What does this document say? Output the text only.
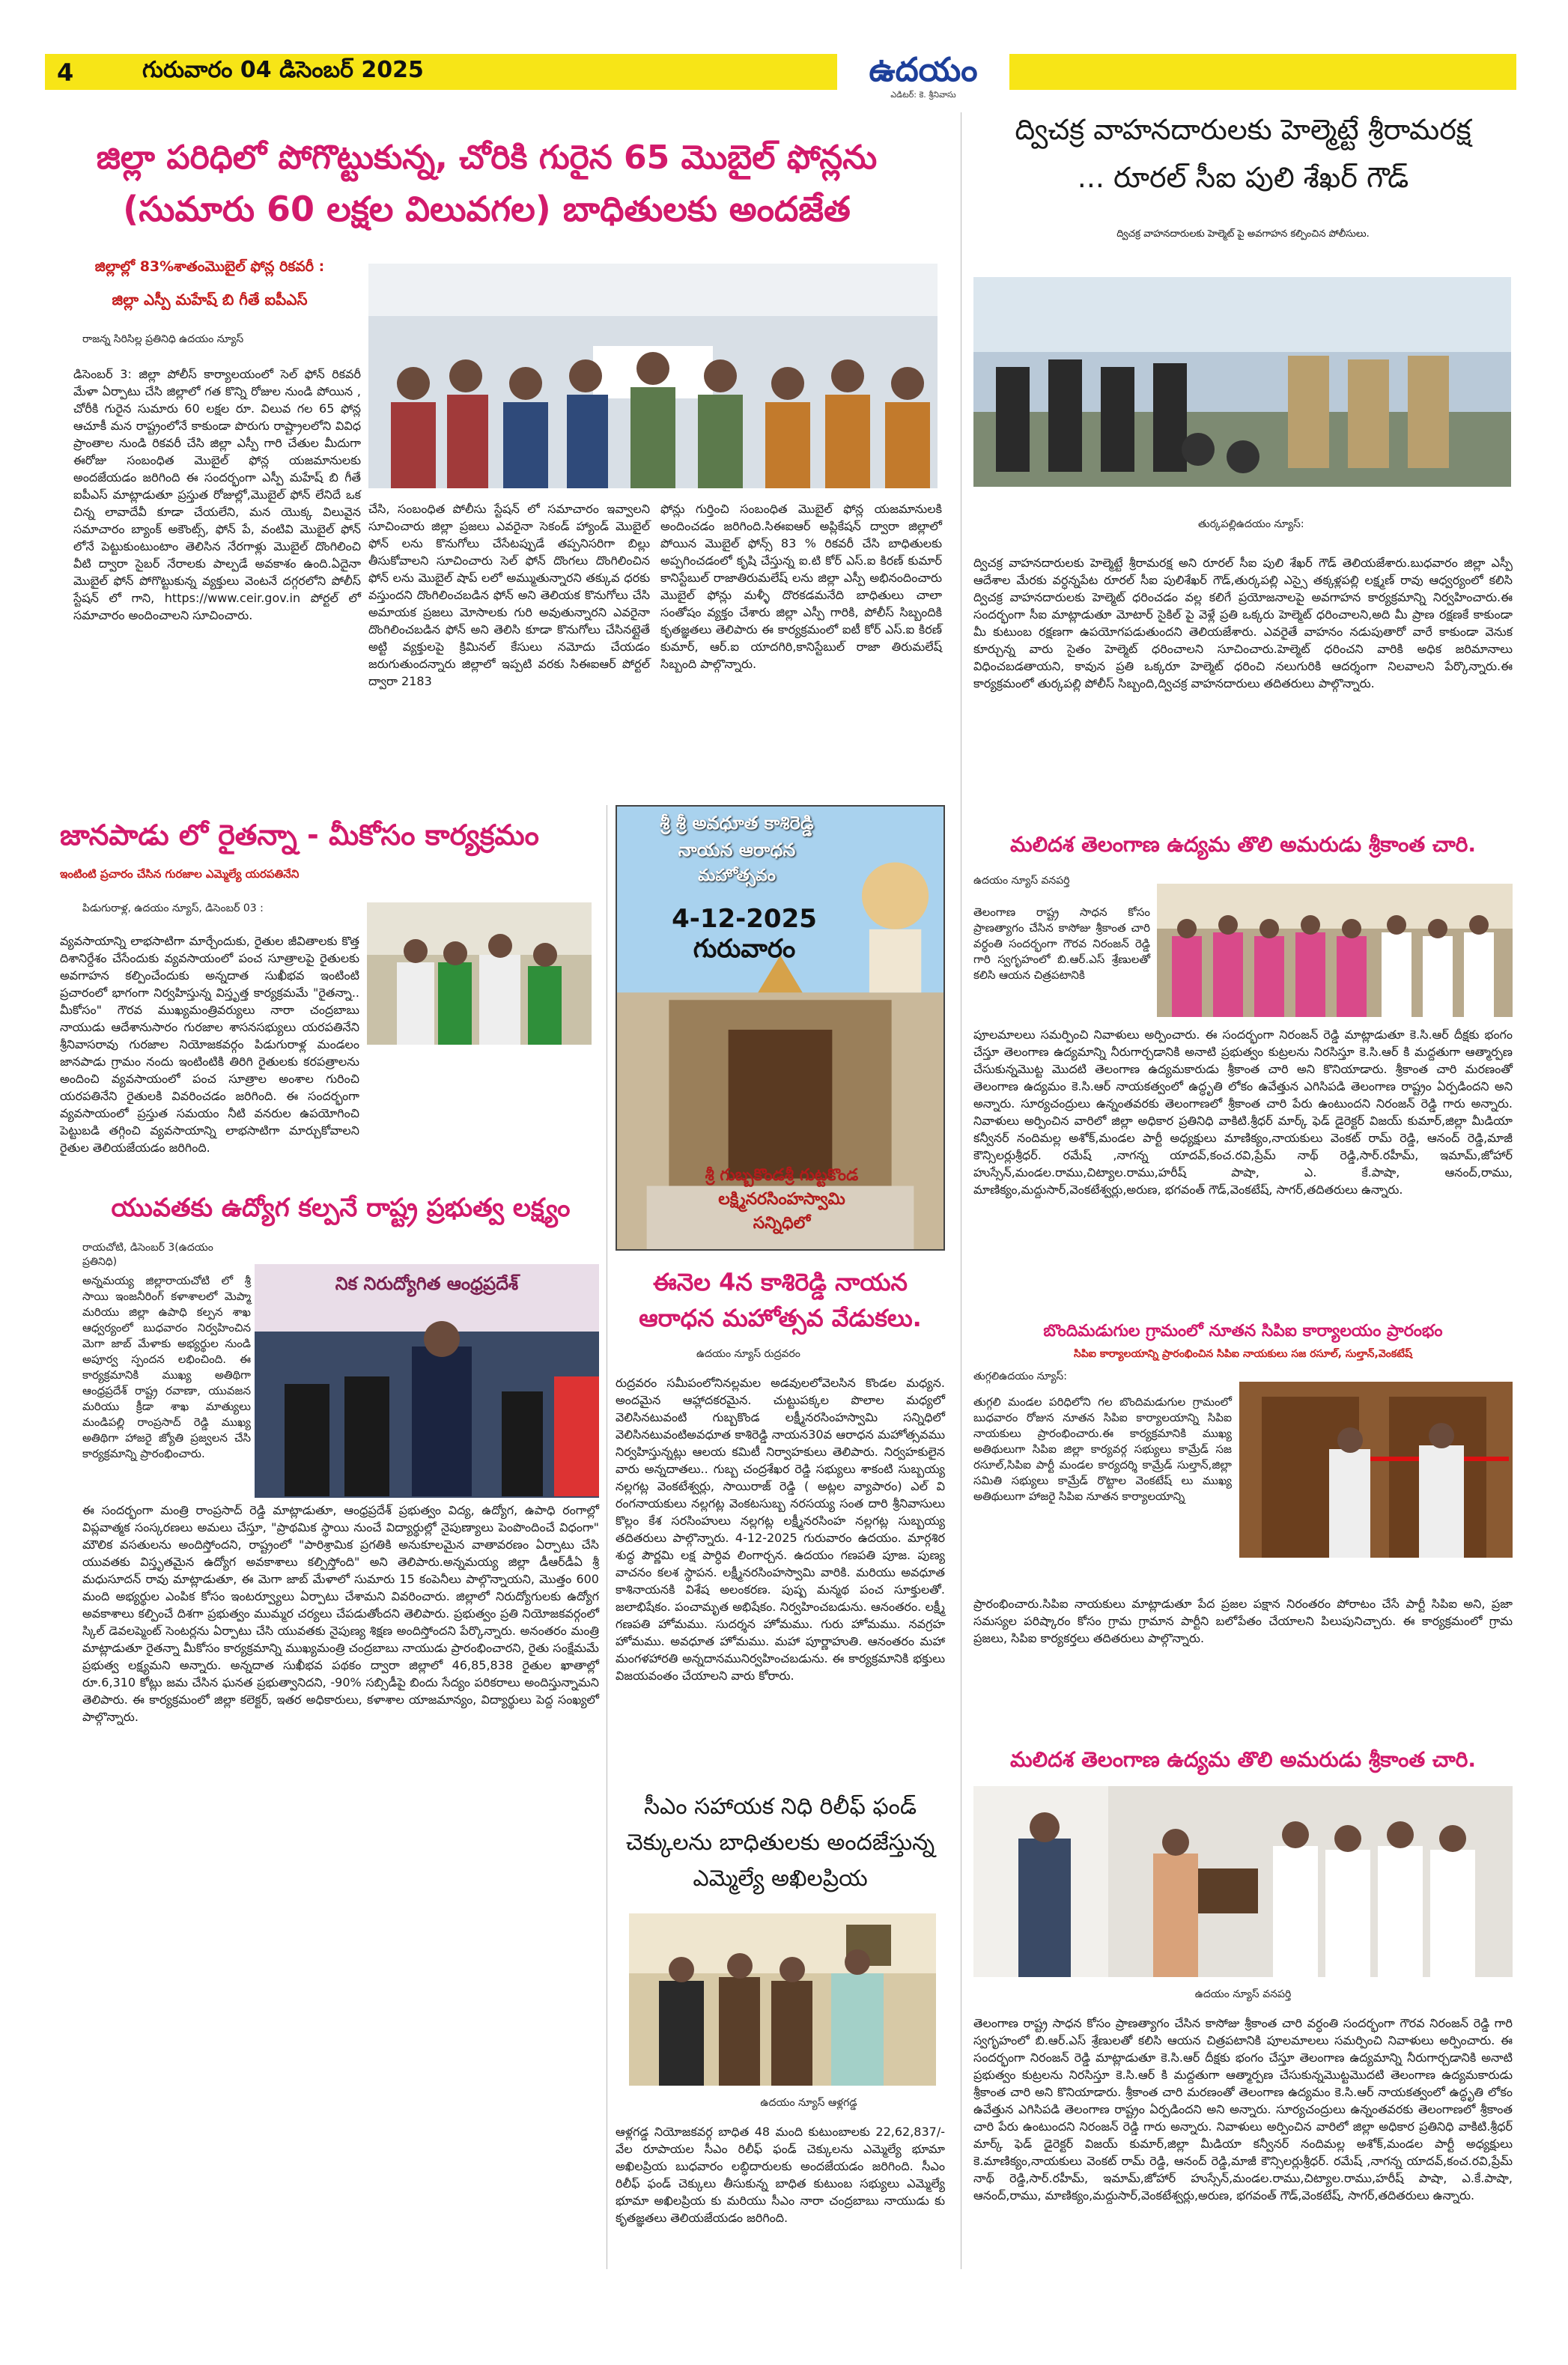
4	గురువారం 04 డిసెంబర్ 2025	ఉదయం
ఎడిటర్: కె. శ్రీనివాసు
జిల్లా పరిధిలో పోగొట్టుకున్న, చోరికి గురైన 65 మొబైల్ ఫోన్లను
(సుమారు 60 లక్షల విలువగల) బాధితులకు అందజేత
జిల్లాల్లో 83%శాతంమొబైల్ ఫోన్ల రికవరీ :
జిల్లా ఎస్పీ మహేష్ బి గీతే ఐపీఎస్
రాజన్న సిరిసిల్ల ప్రతినిధి ఉదయం న్యూస్
డిసెంబర్ 3: జిల్లా పోలీస్ కార్యాలయంలో సెల్ ఫోన్ రికవరీ మేళా ఏర్పాటు చేసి జిల్లాలో గత కొన్ని రోజుల నుండి పోయిన , చోరీకి గురైన సుమారు 60 లక్షల రూ. విలువ గల 65 ఫోన్ల ఆచూకీ మన రాష్ట్రంలోనే కాకుండా పొరుగు రాష్ట్రాలలోని వివిధ ప్రాంతాల నుండి రికవరీ చేసి జిల్లా ఎస్పీ గారి చేతుల మీదుగా ఈరోజు సంబంధిత మొబైల్ ఫోన్ల యజమానులకు అందజేయడం జరిగింది ఈ సందర్భంగా ఎస్పీ మహేష్ బి గీతే ఐపీఎస్ మాట్లాడుతూ ప్రస్తుత రోజుల్లో,మొబైల్ ఫోన్ లేనిదే ఒక చిన్న లావాదేవీ కూడా చేయలేని, మన యొక్క విలువైన సమాచారం బ్యాంక్ అకౌంట్స్, ఫోన్ పే, వంటివి మొబైల్ ఫోన్ లోనే పెట్టుకుంటుంటాం తెలిసిన నేరగాళ్లు మొబైల్ దొంగిలించి వీటి ద్వారా సైబర్ నేరాలకు పాల్పడే అవకాశం ఉంది.ఏదైనా మొబైల్ ఫోన్ పోగొట్టుకున్న వ్యక్తులు వెంటనే దగ్గరలోని పోలీస్ స్టేషన్ లో గాని, https://www.ceir.gov.in పోర్టల్ లో సమాచారం అందించాలని సూచించారు.
చేసి, సంబంధిత పోలీసు స్టేషన్ లో సమాచారం ఇవ్వాలని సూచించారు జిల్లా ప్రజలు ఎవరైనా సెకండ్ హ్యాండ్ మొబైల్ ఫోన్ లను కొనుగోలు చేసేటప్పుడే తప్పనిసరిగా బిల్లు తీసుకోవాలని సూచించారు సెల్ ఫోన్ దొంగలు దొంగిలించిన ఫోన్ లను మొబైల్ షాప్ లలో అమ్ముతున్నారని తక్కువ ధరకు వస్తుందని దొంగిలించబడిన ఫోన్ అని తెలియక కొనుగోలు చేసి అమాయక ప్రజలు మోసాలకు గురి అవుతున్నారని ఎవరైనా దొంగిలించబడిన ఫోన్ అని తెలిసి కూడా కొనుగోలు చేసినట్లైతే అట్టి వ్యక్తులపై క్రిమినల్ కేసులు నమోదు చేయడం జరుగుతుందన్నారు జిల్లాలో ఇప్పటి వరకు సిఈఐఆర్ పోర్టల్ ద్వారా 2183
ఫోన్లు గుర్తించి సంబంధిత మొబైల్ ఫోన్ల యజమానులకి అందించడం జరిగింది.సిఈఐఆర్ అప్లికేషన్ ద్వారా జిల్లాలో పోయిన మొబైల్ ఫోన్స్ 83 % రికవరీ చేసి బాధితులకు అప్పగించడంలో కృషి చేస్తున్న ఐ.టి కోర్ ఎస్.ఐ కిరణ్ కుమార్ కానిస్టేబుల్ రాజాతిరుమలేష్ లను జిల్లా ఎస్పీ అభినందించారు మొబైల్ ఫోన్లు మళ్ళీ దొరకడమనేది బాధితులు చాలా సంతోషం వ్యక్తం చేశారు జిల్లా ఎస్పీ గారికి, పోలీస్ సిబ్బందికి కృతజ్ఞతలు తెలిపారు ఈ కార్యక్రమంలో ఐటీ కోర్ ఎస్.ఐ కిరణ్ కుమార్, ఆర్.ఐ యాదగిరి,కానిస్టేబుల్ రాజా తిరుమలేష్ సిబ్బంది పాల్గొన్నారు.
ద్విచక్ర వాహనదారులకు హెల్మెట్టే శ్రీరామరక్ష
... రూరల్ సీఐ పులి శేఖర్ గౌడ్
ద్విచక్ర వాహనదారులకు హెల్మెట్ పై అవగాహన కల్పించిన పోలీసులు.
తుర్కపల్లిఉదయం న్యూస్:
ద్విచక్ర వాహనదారులకు హెల్మెట్టే శ్రీరామరక్ష అని రూరల్ సీఐ పులి శేఖర్ గౌడ్ తెలియజేశారు.బుధవారం జిల్లా ఎస్పీ ఆదేశాల మేరకు వర్ధన్నపేట రూరల్ సీఐ పులిశేఖర్ గౌడ్,తుర్కపల్లి ఎస్సై తక్కళ్లపల్లి లక్ష్మణ్ రావు ఆధ్వర్యంలో కలిసి ద్విచక్ర వాహనదారులకు హెల్మెట్ ధరించడం వల్ల కలిగే ప్రయోజనాలపై అవగాహన కార్యక్రమాన్ని నిర్వహించారు.ఈ సందర్భంగా సీఐ మాట్లాడుతూ మోటార్ సైకిల్ పై వెళ్లే ప్రతి ఒక్కరు హెల్మెట్ ధరించాలని,అది మీ ప్రాణ రక్షణకే కాకుండా మీ కుటుంబ రక్షణగా ఉపయోగపడుతుందని తెలియజేశారు. ఎవరైతే వాహనం నడుపుతారో వారే కాకుండా వెనుక కూర్చున్న వారు సైతం హెల్మెట్ ధరించాలని సూచించారు.హెల్మెట్ ధరించని వారికి అధిక జరిమానాలు విధించబడతాయని, కావున ప్రతి ఒక్కరూ హెల్మెట్ ధరించి నలుగురికి ఆదర్శంగా నిలవాలని పేర్కొన్నారు.ఈ కార్యక్రమంలో తుర్కపల్లి పోలీస్ సిబ్బంది,ద్విచక్ర వాహనదారులు తదితరులు పాల్గొన్నారు.
జానపాడు లో రైతన్నా - మీకోసం కార్యక్రమం
ఇంటింటి ప్రచారం చేసిన గురజాల ఎమ్మెల్యే యరపతినేని
పిడుగురాళ్ల, ఉదయం న్యూస్, డిసెంబర్ 03 :
వ్యవసాయాన్ని లాభసాటిగా మార్చేందుకు, రైతుల జీవితాలకు కొత్త దిశానిర్దేశం చేసేందుకు వ్యవసాయంలో పంచ సూత్రాలపై రైతులకు అవగాహన కల్పించేందుకు అన్నదాత సుఖీభవ ఇంటింటి ప్రచారంలో భాగంగా నిర్వహిస్తున్న విస్తృత్త కార్యక్రమమే "రైతన్నా.. మీకోసం" గౌరవ ముఖ్యమంత్రివర్యులు నారా చంద్రబాబు నాయుడు ఆదేశానుసారం గురజాల శాసనసభ్యులు యరపతినేని శ్రీనివాసరావు గురజాల నియోజకవర్గం పిడుగురాళ్ల మండలం జానపాడు గ్రామం నందు ఇంటింటికి తిరిగి రైతులకు కరపత్రాలను అందించి వ్యవసాయంలో పంచ సూత్రాల అంశాల గురించి యరపతినేని రైతులకి వివరించడం జరిగింది. ఈ సందర్భంగా వ్యవసాయంలో ప్రస్తుత సమయం నీటి వనరుల ఉపయోగించి పెట్టుబడి తగ్గించి వ్యవసాయాన్ని లాభసాటిగా మార్చుకోవాలని రైతుల తెలియజేయడం జరిగింది.
యువతకు ఉద్యోగ కల్పనే రాష్ట్ర ప్రభుత్వ లక్ష్యం
రాయచోటి, డిసెంబర్ 3(ఉదయం ప్రతినిధి)
నిక నిరుద్యోగిత ఆంధ్రప్రదేశ్
అన్నమయ్య జిల్లారాయచోటి లో శ్రీ సాయి ఇంజనీరింగ్ కళాశాలలో మెప్మా మరియు జిల్లా ఉపాధి కల్పన శాఖ ఆధ్వర్యంలో బుధవారం నిర్వహించిన మెగా జాబ్ మేళాకు అభ్యర్థుల నుండి అపూర్వ స్పందన లభించింది. ఈ కార్యక్రమానికి ముఖ్య అతిథిగా ఆంధ్రప్రదేశ్ రాష్ట్ర రవాణా, యువజన మరియు క్రీడా శాఖ మాత్యులు మండిపల్లి రాంప్రసాద్ రెడ్డి ముఖ్య అతిథిగా హాజరై జ్యోతి ప్రజ్వలన చేసి కార్యక్రమాన్ని ప్రారంభించారు.
ఈ సందర్భంగా మంత్రి రాంప్రసాద్ రెడ్డి మాట్లాడుతూ, ఆంధ్రప్రదేశ్ ప్రభుత్వం విద్య, ఉద్యోగ, ఉపాధి రంగాల్లో విప్లవాత్మక సంస్కరణలు అమలు చేస్తూ, "ప్రాథమిక స్థాయి నుంచే విద్యార్థుల్లో నైపుణ్యాలు పెంపొందించే విధంగా" మౌలిక వసతులను అందిస్తోందని, రాష్ట్రంలో "పారిశ్రామిక ప్రగతికి అనుకూలమైన వాతావరణం ఏర్పాటు చేసి యువతకు విస్తృతమైన ఉద్యోగ అవకాశాలు కల్పిస్తోంది" అని తెలిపారు.అన్నమయ్య జిల్లా డీఆర్‌డీఏ శ్రీ మధుసూదన్ రావు మాట్లాడుతూ, ఈ మెగా జాబ్ మేళాలో సుమారు 15 కంపెనీలు పాల్గొన్నాయని, మొత్తం 600 మంది అభ్యర్థుల ఎంపిక కోసం ఇంటర్వ్యూలు ఏర్పాటు చేశామని వివరించారు. జిల్లాలో నిరుద్యోగులకు ఉద్యోగ అవకాశాలు కల్పించే దిశగా ప్రభుత్వం ముమ్మర చర్యలు చేపడుతోందని తెలిపారు. ప్రభుత్వం ప్రతి నియోజకవర్గంలో స్కిల్ డెవలప్మెంట్ సెంటర్లను ఏర్పాటు చేసి యువతకు నైపుణ్య శిక్షణ అందిస్తోందని పేర్కొన్నారు. అనంతరం మంత్రి మాట్లాడుతూ రైతన్నా మీకోసం కార్యక్రమాన్ని ముఖ్యమంత్రి చంద్రబాబు నాయుడు ప్రారంభించారని, రైతు సంక్షేమమే ప్రభుత్వ లక్ష్యమని అన్నారు. అన్నదాత సుఖీభవ పథకం ద్వారా జిల్లాలో 46,85,838 రైతుల ఖాతాల్లో రూ.6,310 కోట్లు జమ చేసిన ఘనత ప్రభుత్వానిదని, -90% సబ్సిడీపై బిందు సేద్యం పరికరాలు అందిస్తున్నామని తెలిపారు. ఈ కార్యక్రమంలో జిల్లా కలెక్టర్, ఇతర అధికారులు, కళాశాల యాజమాన్యం, విద్యార్థులు పెద్ద సంఖ్యలో పాల్గొన్నారు.
శ్రీ శ్రీ అవధూత కాశిరెడ్డి
నాయన ఆరాధన
మహోత్సవం
4-12-2025 గురువారం
శ్రీ గుబ్బకొండశ్రీ గుట్టకొండ
లక్ష్మినరసింహస్వామి
సన్నిధిలో
ఈనెల 4న కాశిరెడ్డి నాయన
ఆరాధన మహోత్సవ వేడుకలు.
ఉదయం న్యూస్ రుద్రవరం
రుద్రవరం సమీపంలోనినల్లమల అడవులలోవెలసిన కొండల మధ్యన. అందమైన ఆహ్లాదకరమైన. చుట్టుపక్కల పొలాల మధ్యలో వెలిసినటువంటి గుబ్బకొండ లక్ష్మీనరసింహస్వామి సన్నిధిలో వెలిసినటువంటిఅవధూత కాశిరెడ్డి నాయన30వ ఆరాధన మహోత్సవము నిర్వహిస్తున్నట్లు ఆలయ కమిటీ నిర్వాహకులు తెలిపారు. నిర్వహకులైన వారు అన్నదాతలు.. గుబ్బ చంద్రశేఖర రెడ్డి సభ్యులు శాకంటి సుబ్బయ్య నల్లగట్ల వెంకటేశ్వర్లు, సాయిరాజ్ రెడ్డి ( అట్లల వ్యాపారం) ఎల్ వి రంగనాయకులు నల్లగట్ల వెంకటసుబ్బ నరసయ్య సంత దారి శ్రీనివాసులు కొల్లం కేశ సరసింహులు నల్లగట్ల లక్ష్మీనరసింహ నల్లగట్ల సుబ్బయ్య తదితరులు పాల్గొన్నారు. 4-12-2025 గురువారం ఉదయం. మార్గశిర శుద్ధ పౌర్ణమి లక్ష పార్ధివ లింగార్చన. ఉదయం గణపతి పూజ. పుణ్య వాచనం కలశ స్థాపన. లక్ష్మీనరసింహస్వామి వారికి. మరియు అవధూత కాశినాయనకి విశేష అలంకరణ. పుష్ప మన్మథ పంచ సూక్తులతో. జలాభిషేకం. పంచామృత అభిషేకం. నిర్వహించబడును. ఆనంతరం. లక్ష్మీ గణపతి హోమము. సుదర్శన హోమము. గురు హోమము. నవగ్రహ హోమము. అవధూత హోమము. మహా పూర్ణాహుతి. ఆనంతరం మహా మంగళహారతి అన్నదానమునిర్వహించబడును. ఈ కార్యక్రమానికి భక్తులు విజయవంతం చేయాలని వారు కోరారు.
సీఎం సహాయక నిధి రిలీఫ్ ఫండ్
చెక్కులను బాధితులకు అందజేస్తున్న
ఎమ్మెల్యే అఖిలప్రియ
ఉదయం న్యూస్ ఆళ్లగడ్డ
ఆళ్లగడ్డ నియోజకవర్గ బాధిత 48 మంది కుటుంబాలకు 22,62,837/- వేల రూపాయల సీఎం రిలీఫ్ ఫండ్ చెక్కులను ఎమ్మెల్యే భూమా అఖిలప్రియ బుధవారం లబ్ధిదారులకు అందజేయడం జరిగింది. సీఎం రిలీఫ్ ఫండ్ చెక్కులు తీసుకున్న బాధిత కుటుంబ సభ్యులు ఎమ్మెల్యే భూమా అఖిలప్రియ కు మరియు సీఎం నారా చంద్రబాబు నాయుడు కు కృతజ్ఞతలు తెలియజేయడం జరిగింది.
మలిదశ తెలంగాణ ఉద్యమ తొలి అమరుడు శ్రీకాంత చారి.
ఉదయం న్యూస్ వనపర్తి
తెలంగాణ రాష్ట్ర సాధన కోసం ప్రాణత్యాగం చేసిన కాసోజు శ్రీకాంత చారి వర్ధంతి సందర్భంగా గౌరవ నిరంజన్ రెడ్డి గారి స్వగృహంలో బి.ఆర్.ఎస్ శ్రేణులతో కలిసి ఆయన చిత్రపటానికి
పూలమాలలు సమర్పించి నివాళులు అర్పించారు. ఈ సందర్భంగా నిరంజన్ రెడ్డి మాట్లాడుతూ కె.సి.ఆర్ దీక్షకు భంగం చేస్తూ తెలంగాణ ఉద్యమాన్ని నీరుగార్చడానికి అనాటి ప్రభుత్వం కుట్రలను నిరసిస్తూ కె.సి.ఆర్ కి మద్దతుగా ఆత్మార్పణ చేసుకున్నమొట్ట మొదటి తెలంగాణ ఉద్యమకారుడు శ్రీకాంత చారి అని కొనియాడారు. శ్రీకాంత చారి మరణంతో తెలంగాణ ఉద్యమం కె.సి.ఆర్ నాయకత్వంలో ఉద్ధృతి లోకం ఉవేత్తున ఎగిసిపడి తెలంగాణ రాష్ట్రం ఏర్పడిందని అని అన్నారు. సూర్యచంద్రులు ఉన్నంతవరకు తెలంగాణలో శ్రీకాంత చారి పేరు ఉంటుందని నిరంజన్ రెడ్డి గారు అన్నారు. నివాళులు అర్పించిన వారిలో జిల్లా అధికార ప్రతినిధి వాకిటి.శ్రీధర్ మార్క్ ఫెడ్ డైరెక్టర్ విజయ్ కుమార్,జిల్లా మీడియా కన్వీనర్ నందిమల్ల అశోక్,మండల పార్టీ అధ్యక్షులు మాణిక్యం,నాయకులు వెంకట్ రామ్ రెడ్డి, ఆనంద్ రెడ్డి,మాజీ కౌన్సిలర్లుశ్రీధర్. రమేష్ ,నాగన్న యాదవ్,కంచ.రవి,ప్రేమ్ నాథ్ రెడ్డి,సార్.రహీమ్, ఇమామ్,జోహార్ హుస్సేన్,మండల.రాము,చిట్యాల.రాము,హరీష్ పాషా, ఎ. కే.పాషా, ఆనంద్,రాము, మాణిక్యం,మద్దుసార్,వెంకటేశ్వర్లు,అరుణ, భగవంత్ గౌడ్,వెంకటేష్, సాగర్,తదితరులు ఉన్నారు.
బొందిమడుగుల గ్రామంలో నూతన సిపిఐ కార్యాలయం ప్రారంభం
సిపిఐ కార్యాలయాన్ని ప్రారంభించిన సిపిఐ నాయకులు సజ రసూల్, సుల్తాన్,వెంకటేష్
తుగ్గలిఉదయం న్యూస్:
తుగ్గలి మండల పరిధిలోని గల బొందిమడుగుల గ్రామంలో బుధవారం రోజున నూతన సిపిఐ కార్యాలయాన్ని సిపిఐ నాయకులు ప్రారంభించారు.ఈ కార్యక్రమానికి ముఖ్య అతిథులుగా సిపిఐ జిల్లా కార్యవర్గ సభ్యులు కామ్రేడ్ సజ రసూల్,సిపిఐ పార్టీ మండల కార్యదర్శి కామ్రేడ్ సుల్తాన్,జిల్లా సమితి సభ్యులు కామ్రేడ్ రొట్టాల వెంకటేష్ లు ముఖ్య అతిథులుగా హాజరై సిపిఐ నూతన కార్యాలయాన్ని
ప్రారంభించారు.సిపిఐ నాయకులు మాట్లాడుతూ పేద ప్రజల పక్షాన నిరంతరం పోరాటం చేసే పార్టీ సిపిఐ అని, ప్రజా సమస్యల పరిష్కారం కోసం గ్రామ గ్రామాన పార్టీని బలోపేతం చేయాలని పిలుపునిచ్చారు. ఈ కార్యక్రమంలో గ్రామ ప్రజలు, సిపిఐ కార్యకర్తలు తదితరులు పాల్గొన్నారు.
మలిదశ తెలంగాణ ఉద్యమ తొలి అమరుడు శ్రీకాంత చారి.
ఉదయం న్యూస్ వనపర్తి
తెలంగాణ రాష్ట్ర సాధన కోసం ప్రాణత్యాగం చేసిన కాసోజు శ్రీకాంత చారి వర్ధంతి సందర్భంగా గౌరవ నిరంజన్ రెడ్డి గారి స్వగృహంలో బి.ఆర్.ఎస్ శ్రేణులతో కలిసి ఆయన చిత్రపటానికి పూలమాలలు సమర్పించి నివాళులు అర్పించారు. ఈ సందర్భంగా నిరంజన్ రెడ్డి మాట్లాడుతూ కె.సి.ఆర్ దీక్షకు భంగం చేస్తూ తెలంగాణ ఉద్యమాన్ని నీరుగార్చడానికి అనాటి ప్రభుత్వం కుట్రలను నిరసిస్తూ కె.సి.ఆర్ కి మద్దతుగా ఆత్మార్పణ చేసుకున్నమొట్టమొదటి తెలంగాణ ఉద్యమకారుడు శ్రీకాంత చారి అని కొనియాడారు. శ్రీకాంత చారి మరణంతో తెలంగాణ ఉద్యమం కె.సి.ఆర్ నాయకత్వంలో ఉద్ధృతి లోకం ఉవేత్తున ఎగిసిపడి తెలంగాణ రాష్ట్రం ఏర్పడిందని అని అన్నారు. సూర్యచంద్రులు ఉన్నంతవరకు తెలంగాణలో శ్రీకాంత చారి పేరు ఉంటుందని నిరంజన్ రెడ్డి గారు అన్నారు. నివాళులు అర్పించిన వారిలో జిల్లా అధికార ప్రతినిధి వాకిటి.శ్రీధర్ మార్క్ ఫెడ్ డైరెక్టర్ విజయ్ కుమార్,జిల్లా మీడియా కన్వీనర్ నందిమల్ల అశోక్,మండల పార్టీ అధ్యక్షులు కె.మాణిక్యం,నాయకులు వెంకట్ రామ్ రెడ్డి, ఆనంద్ రెడ్డి,మాజీ కౌన్సిలర్లుశ్రీధర్. రమేష్ ,నాగన్న యాదవ్,కంచ.రవి,ప్రేమ్ నాథ్ రెడ్డి,సార్.రహీమ్, ఇమామ్,జోహార్ హుస్సేన్,మండల.రాము,చిట్యాల.రాము,హరీష్ పాషా, ఎ.కే.పాషా, ఆనంద్,రాము, మాణిక్యం,మద్దుసార్,వెంకటేశ్వర్లు,అరుణ, భగవంత్ గౌడ్,వెంకటేష్, సాగర్,తదితరులు ఉన్నారు.
